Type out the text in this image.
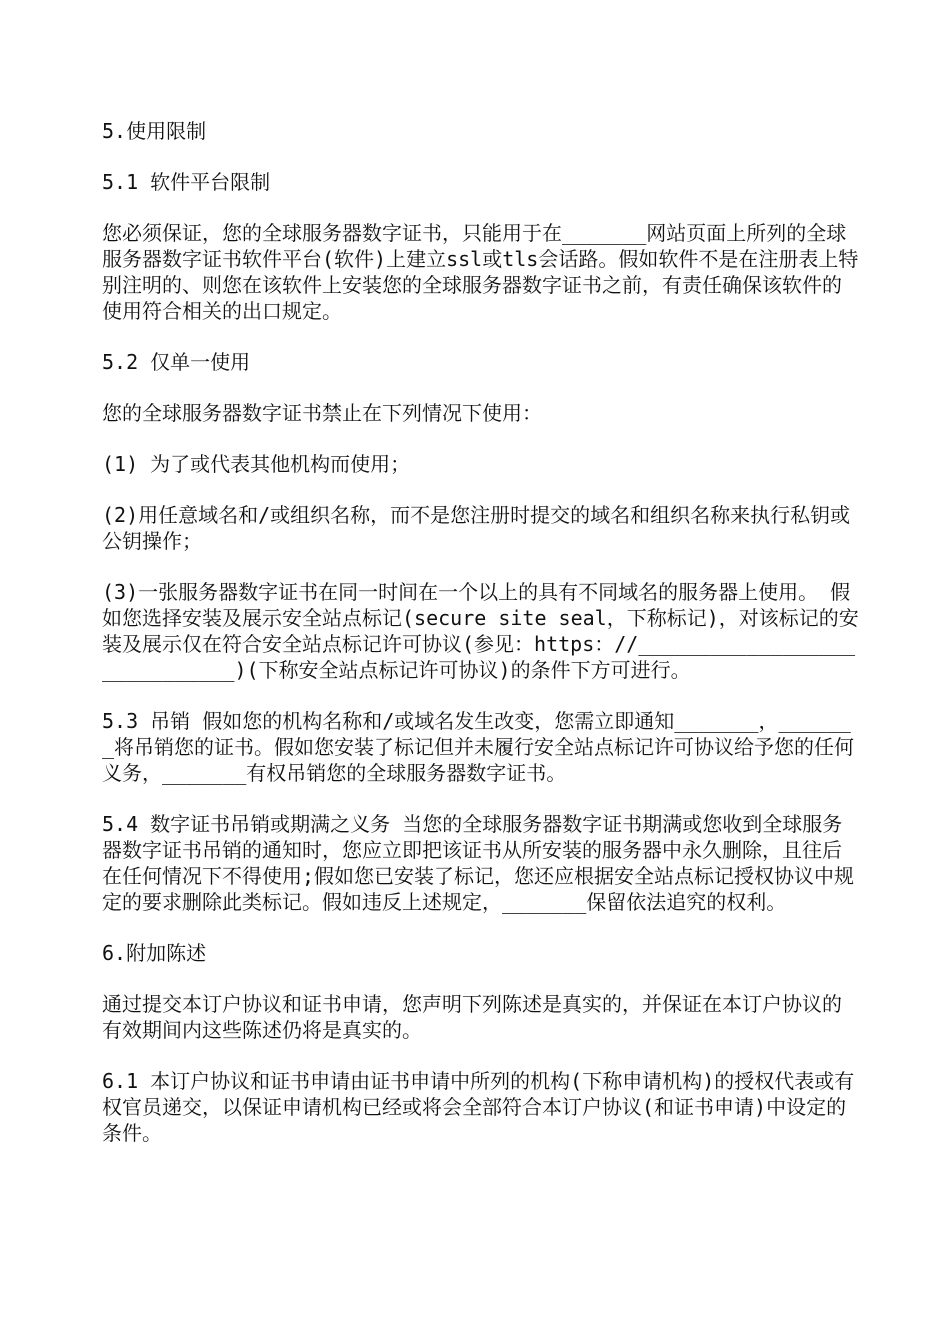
5.使用限制

5.1 软件平台限制

您必须保证，您的全球服务器数字证书，只能用于在_______网站页面上所列的全球服务器数字证书软件平台(软件)上建立ssl或tls会话路。假如软件不是在注册表上特别注明的、则您在该软件上安装您的全球服务器数字证书之前，有责任确保该软件的使用符合相关的出口规定。

5.2 仅单一使用

您的全球服务器数字证书禁止在下列情况下使用：

(1) 为了或代表其他机构而使用；

(2)用任意域名和/或组织名称，而不是您注册时提交的域名和组织名称来执行私钥或公钥操作；

(3)一张服务器数字证书在同一时间在一个以上的具有不同域名的服务器上使用。 假如您选择安装及展示安全站点标记(secure site seal，下称标记)，对该标记的安装及展示仅在符合安全站点标记许可协议(参见：https：//_____________________________)(下称安全站点标记许可协议)的条件下方可进行。

5.3 吊销 假如您的机构名称和/或域名发生改变，您需立即通知_______，_______将吊销您的证书。假如您安装了标记但并未履行安全站点标记许可协议给予您的任何义务，_______有权吊销您的全球服务器数字证书。

5.4 数字证书吊销或期满之义务 当您的全球服务器数字证书期满或您收到全球服务器数字证书吊销的通知时，您应立即把该证书从所安装的服务器中永久删除，且往后在任何情况下不得使用;假如您已安装了标记，您还应根据安全站点标记授权协议中规定的要求删除此类标记。假如违反上述规定，_______保留依法追究的权利。

6.附加陈述

通过提交本订户协议和证书申请，您声明下列陈述是真实的，并保证在本订户协议的有效期间内这些陈述仍将是真实的。

6.1 本订户协议和证书申请由证书申请中所列的机构(下称申请机构)的授权代表或有权官员递交，以保证申请机构已经或将会全部符合本订户协议(和证书申请)中设定的条件。
